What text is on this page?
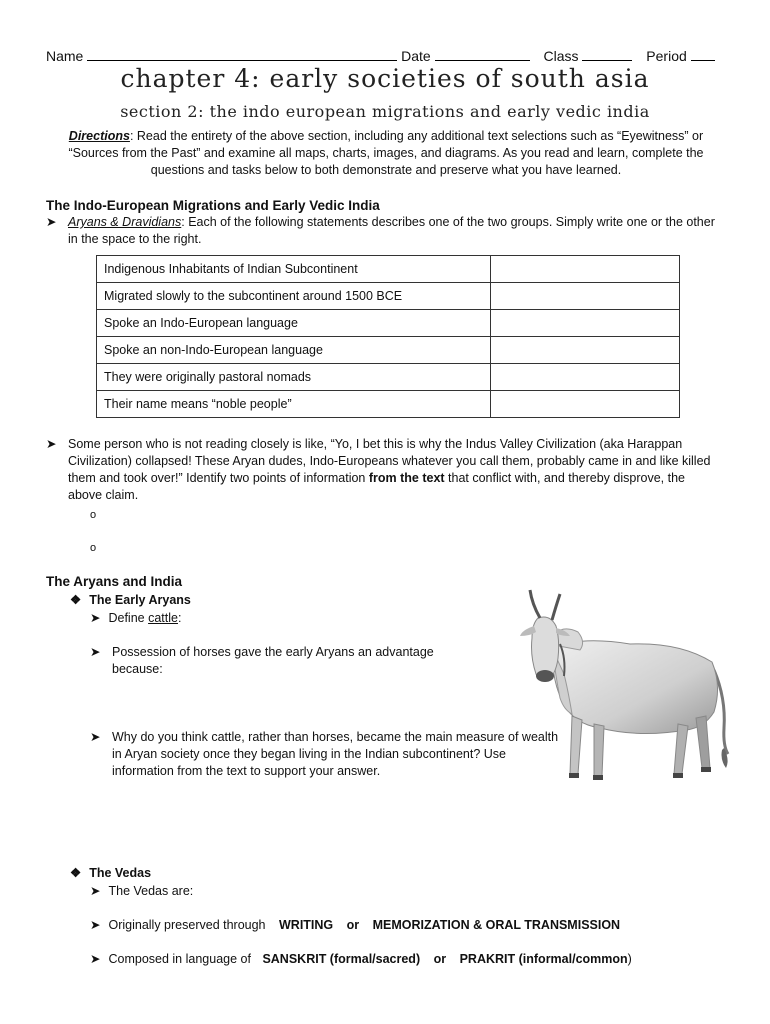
Name	Date	Class	Period
chapter 4: early societies of south asia
section 2: the indo european migrations and early vedic india
Directions: Read the entirety of the above section, including any additional text selections such as “Eyewitness” or “Sources from the Past” and examine all maps, charts, images, and diagrams. As you read and learn, complete the questions and tasks below to both demonstrate and preserve what you have learned.
The Indo-European Migrations and Early Vedic India
➤ Aryans & Dravidians: Each of the following statements describes one of the two groups. Simply write one or the other in the space to the right.
Indigenous Inhabitants of Indian Subcontinent	
Migrated slowly to the subcontinent around 1500 BCE	
Spoke an Indo-European language	
Spoke an non-Indo-European language	
They were originally pastoral nomads	
Their name means “noble people”	
➤ Some person who is not reading closely is like, “Yo, I bet this is why the Indus Valley Civilization (aka Harappan Civilization) collapsed! These Aryan dudes, Indo-Europeans whatever you call them, probably came in and like killed them and took over!” Identify two points of information from the text that conflict with, and thereby disprove, the above claim.
o
o
The Aryans and India
❖ The Early Aryans
➤ Define cattle:
➤ Possession of horses gave the early Aryans an advantage because:
➤ Why do you think cattle, rather than horses, became the main measure of wealth in Aryan society once they began living in the Indian subcontinent? Use information from the text to support your answer.
❖ The Vedas
➤ The Vedas are:
➤ Originally preserved through WRITING or MEMORIZATION & ORAL TRANSMISSION
➤ Composed in language of SANSKRIT (formal/sacred) or PRAKRIT (informal/common)
